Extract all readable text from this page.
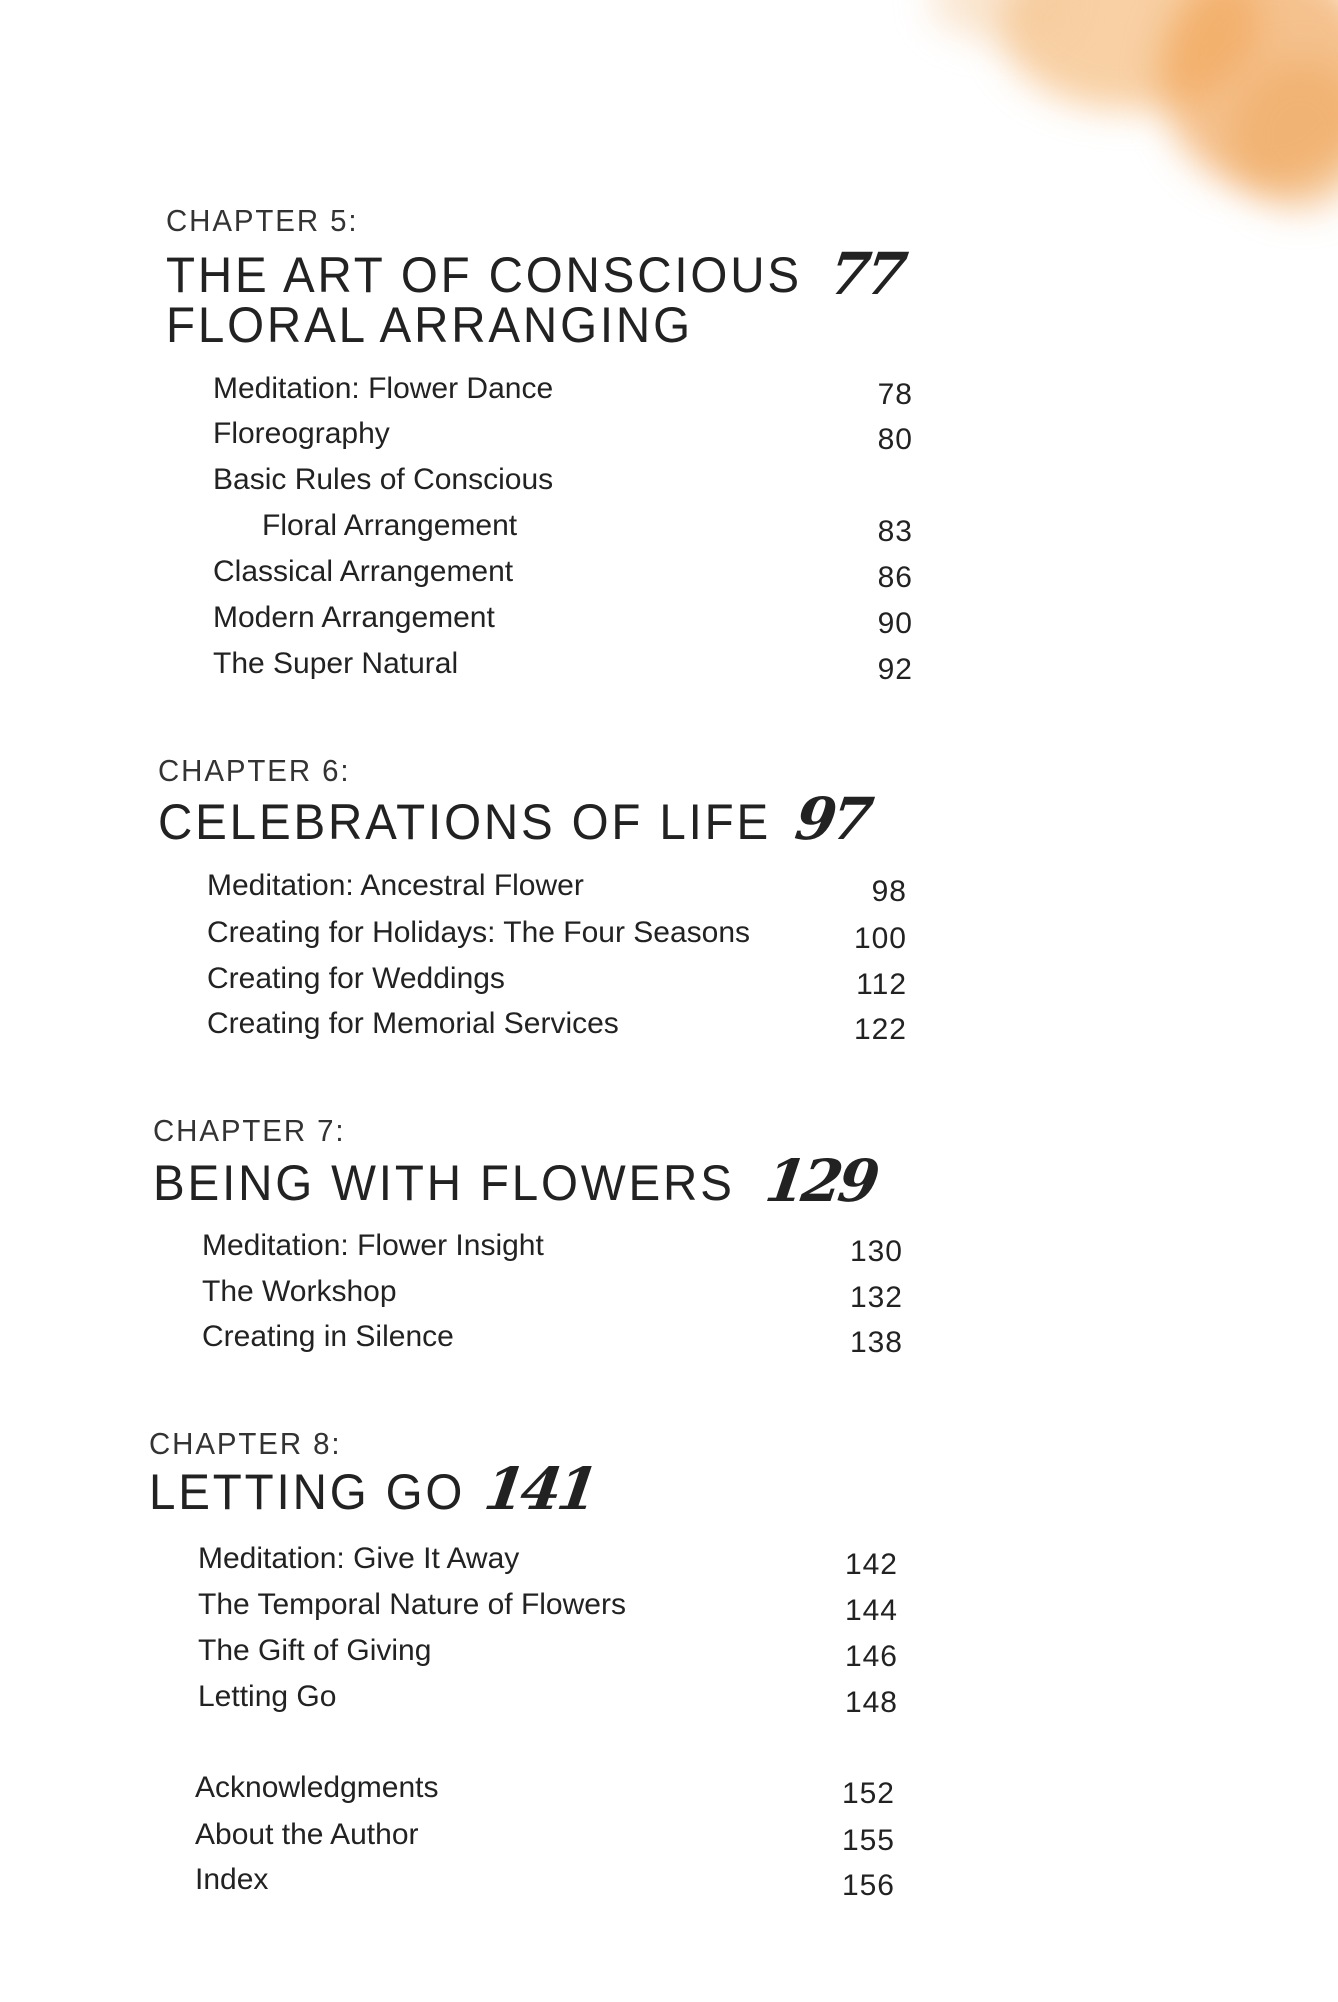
CHAPTER 5:
THE ART OF CONSCIOUS
FLORAL ARRANGING
77
Meditation: Flower Dance	78
Floreography	80
Basic Rules of Conscious
Floral Arrangement	83
Classical Arrangement	86
Modern Arrangement	90
The Super Natural	92
CHAPTER 6:
CELEBRATIONS OF LIFE 97
Meditation: Ancestral Flower	98
Creating for Holidays: The Four Seasons	100
Creating for Weddings	112
Creating for Memorial Services	122
CHAPTER 7:
BEING WITH FLOWERS 129
Meditation: Flower Insight	130
The Workshop	132
Creating in Silence	138
CHAPTER 8:
LETTING GO 141
Meditation: Give It Away	142
The Temporal Nature of Flowers	144
The Gift of Giving	146
Letting Go	148
Acknowledgments	152
About the Author	155
Index	156
